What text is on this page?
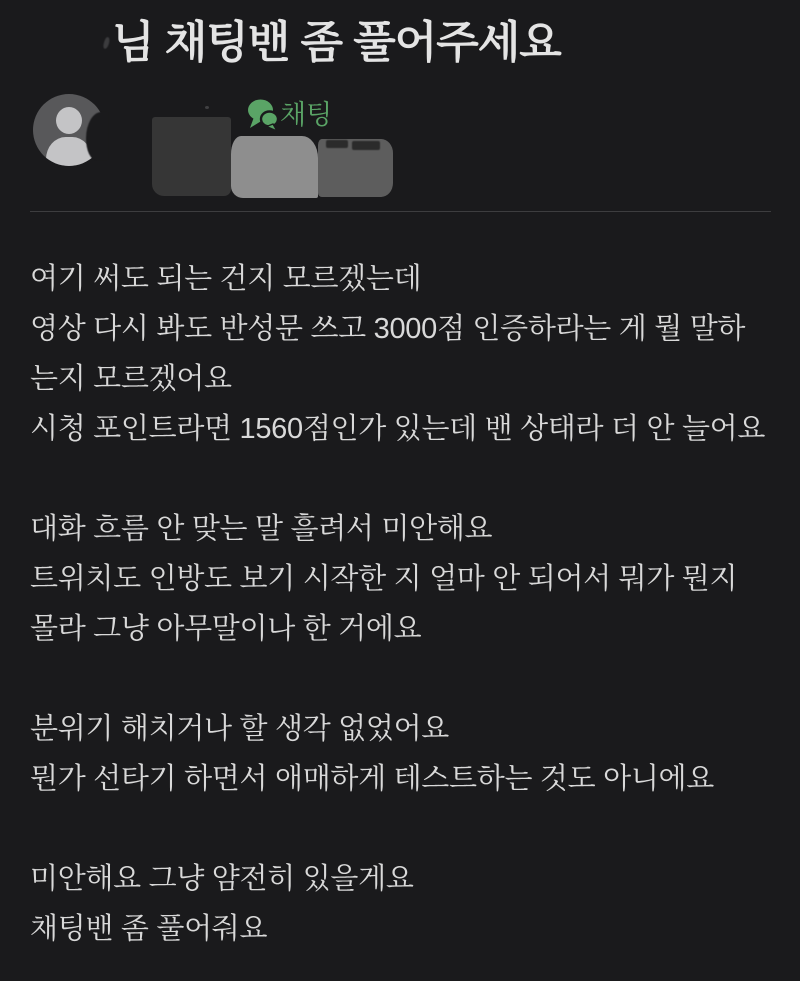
님 채팅밴 좀 풀어주세요
채팅
여기 써도 되는 건지 모르겠는데
영상 다시 봐도 반성문 쓰고 3000점 인증하라는 게 뭘 말하
는지 모르겠어요
시청 포인트라면 1560점인가 있는데 밴 상태라 더 안 늘어요
대화 흐름 안 맞는 말 흘려서 미안해요
트위치도 인방도 보기 시작한 지 얼마 안 되어서 뭐가 뭔지
몰라 그냥 아무말이나 한 거에요
분위기 해치거나 할 생각 없었어요
뭔가 선타기 하면서 애매하게 테스트하는 것도 아니에요
미안해요 그냥 얌전히 있을게요
채팅밴 좀 풀어줘요
